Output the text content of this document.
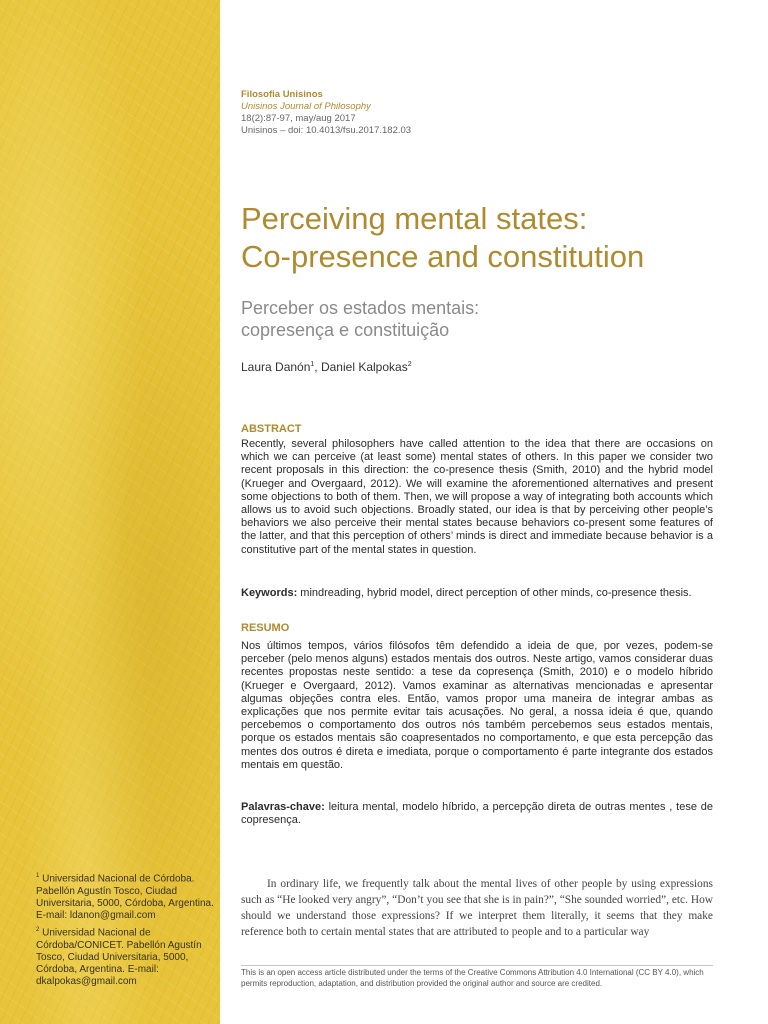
$^1$ Universidad Nacional de Córdoba. Pabellón Agustín Tosco, Ciudad Universitaria, 5000, Córdoba, Argentina. E-mail: ldanon@gmail.com
$^2$ Universidad Nacional de Córdoba/CONICET. Pabellón Agustín Tosco, Ciudad Universitaria, 5000, Córdoba, Argentina. E-mail: dkalpokas@gmail.com
Filosofia Unisinos
Unisinos Journal of Philosophy
18(2):87-97, may/aug 2017
Unisinos – doi: 10.4013/fsu.2017.182.03
Perceiving mental states:
Co-presence and constitution
Perceber os estados mentais:
copresença e constituição
Laura Danón$^1$, Daniel Kalpokas$^2$
ABSTRACT

Recently, several philosophers have called attention to the idea that there are occasions on which we can perceive (at least some) mental states of others. In this paper we consider two recent proposals in this direction: the co-presence thesis (Smith, 2010) and the hybrid model (Krueger and Overgaard, 2012). We will examine the aforementioned alternatives and present some objections to both of them. Then, we will propose a way of integrating both accounts which allows us to avoid such objections. Broadly stated, our idea is that by perceiving other people’s behaviors we also perceive their mental states because behaviors co-present some features of the latter, and that this perception of others’ minds is direct and immediate because behavior is a constitutive part of the mental states in question.

Keywords: mindreading, hybrid model, direct perception of other minds, co-presence thesis.

RESUMO

Nos últimos tempos, vários filósofos têm defendido a ideia de que, por vezes, podem-se perceber (pelo menos alguns) estados mentais dos outros. Neste artigo, vamos considerar duas recentes propostas neste sentido: a tese da copresença (Smith, 2010) e o modelo híbrido (Krueger e Overgaard, 2012). Vamos examinar as alternativas mencionadas e apresentar algumas objeções contra eles. Então, vamos propor uma maneira de integrar ambas as explicações que nos permite evitar tais acusações. No geral, a nossa ideia é que, quando percebemos o comportamento dos outros nós também percebemos seus estados mentais, porque os estados mentais são coapresentados no comportamento, e que esta percepção das mentes dos outros é direta e imediata, porque o comportamento é parte integrante dos estados mentais em questão.

Palavras-chave: leitura mental, modelo híbrido, a percepção direta de outras mentes , tese de copresença.

In ordinary life, we frequently talk about the mental lives of other people by using expressions such as “He looked very angry”, “Don’t you see that she is in pain?”, “She sounded worried”, etc. How should we understand those expressions? If we interpret them literally, it seems that they make reference both to certain mental states that are attributed to people and to a particular way

This is an open access article distributed under the terms of the Creative Commons Attribution 4.0 International (CC BY 4.0), which permits reproduction, adaptation, and distribution provided the original author and source are credited.
